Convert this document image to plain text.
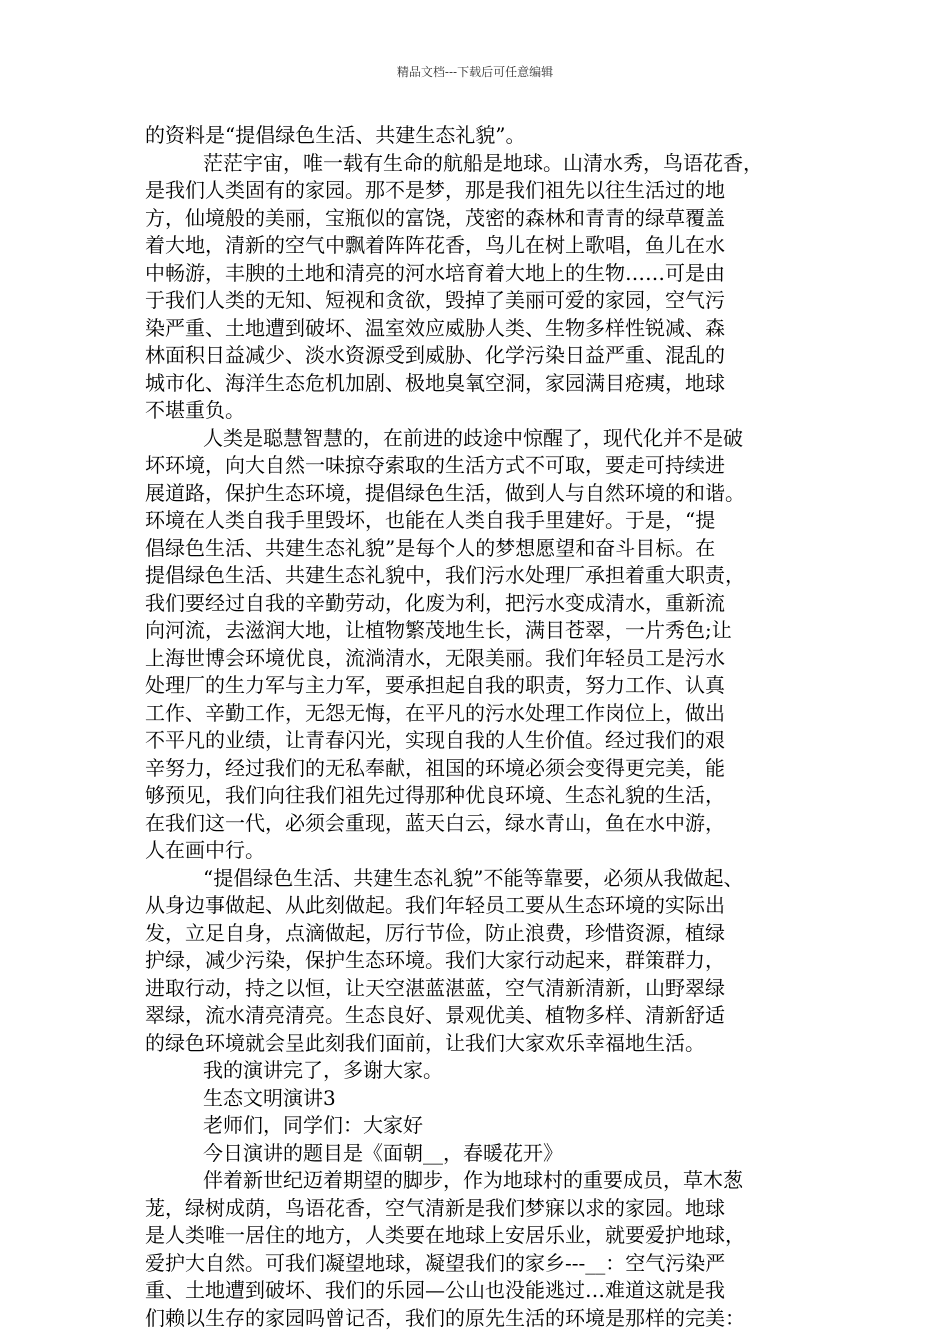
精品文档---下载后可任意编辑
的资料是“提倡绿色生活、共建生态礼貌”。
茫茫宇宙，唯一载有生命的航船是地球。山清水秀，鸟语花香，
是我们人类固有的家园。那不是梦，那是我们祖先以往生活过的地
方，仙境般的美丽，宝瓶似的富饶，茂密的森林和青青的绿草覆盖
着大地，清新的空气中飘着阵阵花香，鸟儿在树上歌唱，鱼儿在水
中畅游，丰腴的土地和清亮的河水培育着大地上的生物……可是由
于我们人类的无知、短视和贪欲，毁掉了美丽可爱的家园，空气污
染严重、土地遭到破坏、温室效应威胁人类、生物多样性锐减、森
林面积日益减少、淡水资源受到威胁、化学污染日益严重、混乱的
城市化、海洋生态危机加剧、极地臭氧空洞，家园满目疮痍，地球
不堪重负。
人类是聪慧智慧的，在前进的歧途中惊醒了，现代化并不是破
坏环境，向大自然一味掠夺索取的生活方式不可取，要走可持续进
展道路，保护生态环境，提倡绿色生活，做到人与自然环境的和谐。
环境在人类自我手里毁坏，也能在人类自我手里建好。于是，“提
倡绿色生活、共建生态礼貌”是每个人的梦想愿望和奋斗目标。在
提倡绿色生活、共建生态礼貌中，我们污水处理厂承担着重大职责，
我们要经过自我的辛勤劳动，化废为利，把污水变成清水，重新流
向河流，去滋润大地，让植物繁茂地生长，满目苍翠，一片秀色;让
上海世博会环境优良，流淌清水，无限美丽。我们年轻员工是污水
处理厂的生力军与主力军，要承担起自我的职责，努力工作、认真
工作、辛勤工作，无怨无悔，在平凡的污水处理工作岗位上，做出
不平凡的业绩，让青春闪光，实现自我的人生价值。经过我们的艰
辛努力，经过我们的无私奉献，祖国的环境必须会变得更完美，能
够预见，我们向往我们祖先过得那种优良环境、生态礼貌的生活，
在我们这一代，必须会重现，蓝天白云，绿水青山，鱼在水中游，
人在画中行。
“提倡绿色生活、共建生态礼貌”不能等靠要，必须从我做起、
从身边事做起、从此刻做起。我们年轻员工要从生态环境的实际出
发，立足自身，点滴做起，厉行节俭，防止浪费，珍惜资源，植绿
护绿，减少污染，保护生态环境。我们大家行动起来，群策群力，
进取行动，持之以恒，让天空湛蓝湛蓝，空气清新清新，山野翠绿
翠绿，流水清亮清亮。生态良好、景观优美、植物多样、清新舒适
的绿色环境就会呈此刻我们面前，让我们大家欢乐幸福地生活。
我的演讲完了，多谢大家。
生态文明演讲3
老师们，同学们：大家好
今日演讲的题目是《面朝__，春暖花开》
伴着新世纪迈着期望的脚步，作为地球村的重要成员，草木葱
茏，绿树成荫，鸟语花香，空气清新是我们梦寐以求的家园。地球
是人类唯一居住的地方，人类要在地球上安居乐业，就要爱护地球，
爱护大自然。可我们凝望地球，凝望我们的家乡---__：空气污染严
重、土地遭到破坏、我们的乐园—公山也没能逃过…难道这就是我
们赖以生存的家园吗曾记否，我们的原先生活的环境是那样的完美：
